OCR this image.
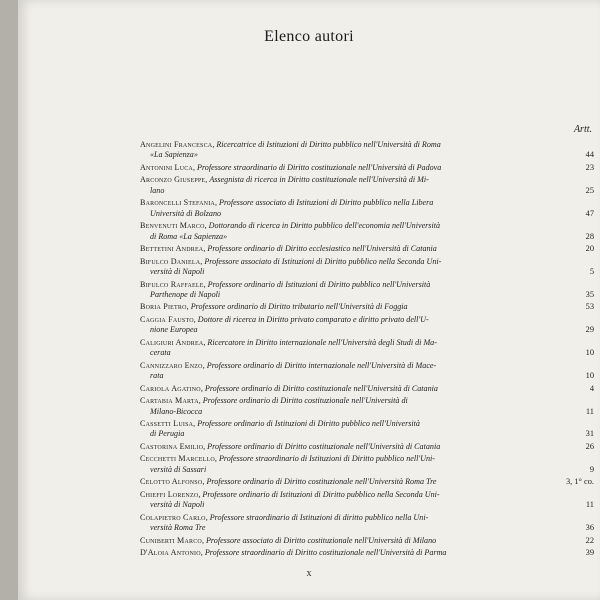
Elenco autori
Artt.
Angelini Francesca, Ricercatrice di Istituzioni di Diritto pubblico nell'Università di Roma
«La Sapienza»	44
Antonini Luca, Professore straordinario di Diritto costituzionale nell'Università di Padova	23
Arconzo Giuseppe, Assegnista di ricerca in Diritto costituzionale nell'Università di Mi-
lano	25
Baroncelli Stefania, Professore associato di Istituzioni di Diritto pubblico nella Libera
Università di Bolzano	47
Benvenuti Marco, Dottorando di ricerca in Diritto pubblico dell'economia nell'Università
di Roma «La Sapienza»	28
Bettetini Andrea, Professore ordinario di Diritto ecclesiastico nell'Università di Catania	20
Bifulco Daniela, Professore associato di Istituzioni di Diritto pubblico nella Seconda Uni-
versità di Napoli	5
Bifulco Raffaele, Professore ordinario di Istituzioni di Diritto pubblico nell'Università
Parthenope di Napoli	35
Boria Pietro, Professore ordinario di Diritto tributario nell'Università di Foggia	53
Caggia Fausto, Dottore di ricerca in Diritto privato comparato e diritto privato dell'U-
nione Europea	29
Caligiuri Andrea, Ricercatore in Diritto internazionale nell'Università degli Studi di Ma-
cerata	10
Cannizzaro Enzo, Professore ordinario di Diritto internazionale nell'Università di Mace-
rata	10
Cariola Agatino, Professore ordinario di Diritto costituzionale nell'Università di Catania	4
Cartabia Marta, Professore ordinario di Diritto costituzionale nell'Università di
Milano-Bicocca	11
Cassetti Luisa, Professore ordinario di Istituzioni di Diritto pubblico nell'Università
di Perugia	31
Castorina Emilio, Professore ordinario di Diritto costituzionale nell'Università di Catania	26
Cecchetti Marcello, Professore straordinario di Istituzioni di Diritto pubblico nell'Uni-
versità di Sassari	9
Celotto Alfonso, Professore ordinario di Diritto costituzionale nell'Università Roma Tre	3, 1° co.
Chieffi Lorenzo, Professore ordinario di Istituzioni di Diritto pubblico nella Seconda Uni-
versità di Napoli	11
Colapietro Carlo, Professore straordinario di Istituzioni di diritto pubblico nella Uni-
versità Roma Tre	36
Cuniberti Marco, Professore associato di Diritto costituzionale nell'Università di Milano	22
D'Aloia Antonio, Professore straordinario di Diritto costituzionale nell'Università di Parma	39
x
